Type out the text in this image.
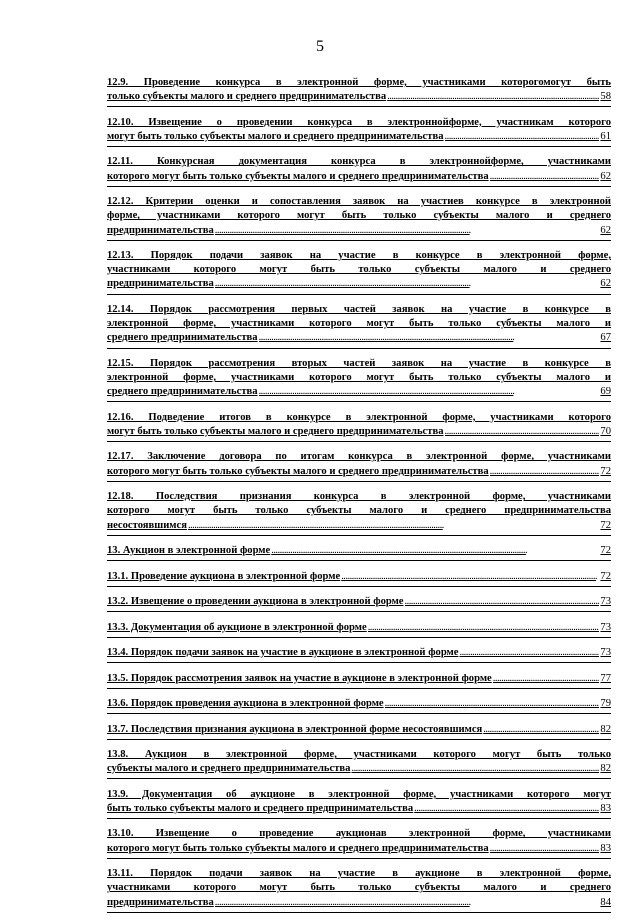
5
12.9. Проведение конкурса в электронной форме, участниками которогомогут быть
только субъекты малого и среднего предпринимательства . . .	58
12.10. Извещение о проведении конкурса в электроннойформе, участникам которого
могут быть только субъекты малого и среднего предпринимательства . . .	61
12.11. Конкурсная документация конкурса в электроннойформе, участниками
которого могут быть только субъекты малого и среднего предпринимательства . . .	62
12.12. Критерии оценки и сопоставления заявок на участиев конкурсе в электронной
форме, участниками которого могут быть только субъекты малого и среднего
предпринимательства . . .	62
12.13. Порядок подачи заявок на участие в конкурсе в электронной форме,
участниками которого могут быть только субъекты малого и среднего
предпринимательства . . .	62
12.14. Порядок рассмотрения первых частей заявок на участие в конкурсе в
электронной форме, участниками которого могут быть только субъекты малого и
среднего предпринимательства . . .	67
12.15. Порядок рассмотрения вторых частей заявок на участие в конкурсе в
электронной форме, участниками которого могут быть только субъекты малого и
среднего предпринимательства . . .	69
12.16. Подведение итогов в конкурсе в электронной форме, участниками которого
могут быть только субъекты малого и среднего предпринимательства . . .	70
12.17. Заключение договора по итогам конкурса в электронной форме, участниками
которого могут быть только субъекты малого и среднего предпринимательства . . .	72
12.18. Последствия признания конкурса в электронной форме, участниками
которого могут быть только субъекты малого и среднего предпринимательства
несостоявшимся . . .	72
13. Аукцион в электронной форме . . .	72
13.1. Проведение аукциона в электронной форме . . .	72
13.2. Извещение о проведении аукциона в электронной форме . . .	73
13.3. Документация об аукционе в электронной форме . . .	73
13.4. Порядок подачи заявок на участие в аукционе в электронной форме . . .	73
13.5. Порядок рассмотрения заявок на участие в аукционе в электронной форме . . .	77
13.6. Порядок проведения аукциона в электронной форме . . .	79
13.7. Последствия признания аукциона в электронной форме несостоявшимся . . .	82
13.8. Аукцион в электронной форме, участниками которого могут быть только
субъекты малого и среднего предпринимательства . . .	82
13.9. Документация об аукционе в электронной форме, участниками которого могут
быть только субъекты малого и среднего предпринимательства . . .	83
13.10. Извещение о проведение аукционав электронной форме, участниками
которого могут быть только субъекты малого и среднего предпринимательства . . .	83
13.11. Порядок подачи заявок на участие в аукционе в электронной форме,
участниками которого могут быть только субъекты малого и среднего
предпринимательства . . .	84
